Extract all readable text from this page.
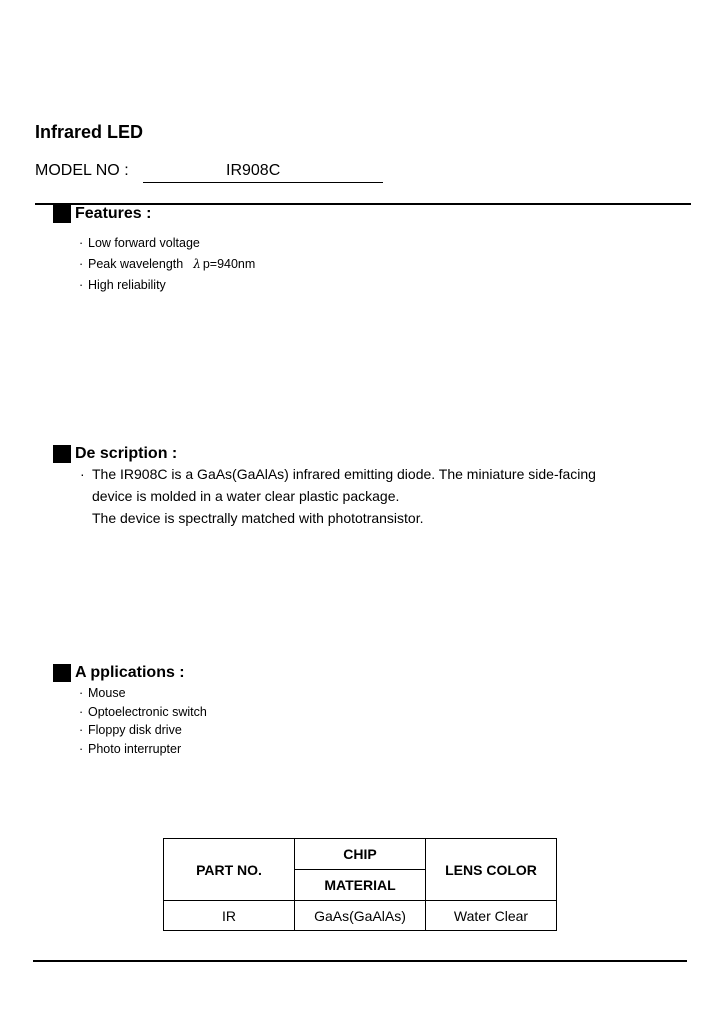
Infrared LED
MODEL NO :	IR908C
Features :
· Low forward voltage
· Peak wavelength λ p=940nm
· High reliability
De scription :
· The IR908C is a GaAs(GaAlAs) infrared emitting diode. The miniature side-facing
device is molded in a water clear plastic package.
The device is spectrally matched with phototransistor.
A pplications :
· Mouse
· Optoelectronic switch
· Floppy disk drive
· Photo interrupter
PART NO.	CHIP	LENS COLOR
	MATERIAL	
IR	GaAs(GaAlAs)	Water Clear
